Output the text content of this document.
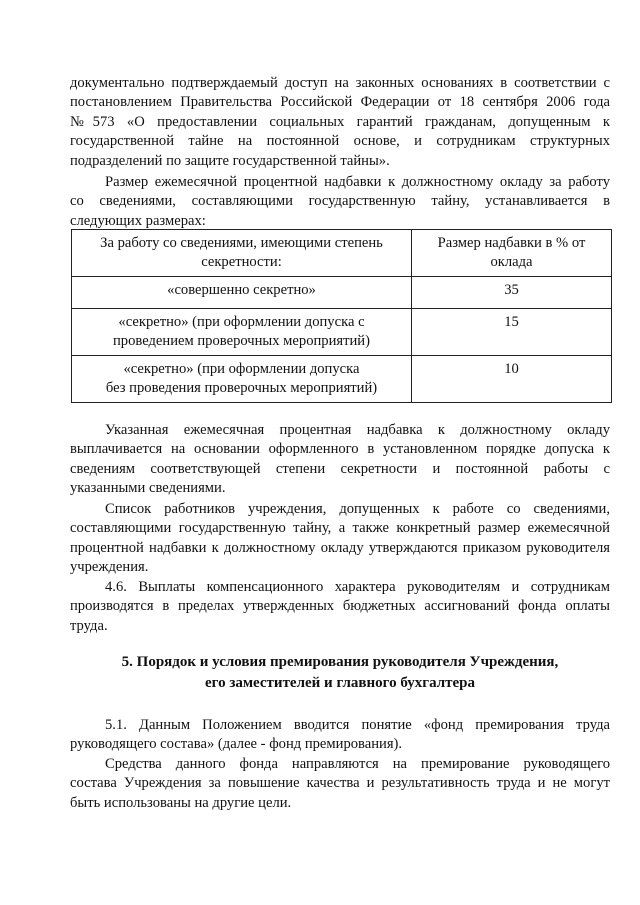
документально подтверждаемый доступ на законных основаниях в соответствии с
постановлением Правительства Российской Федерации от 18 сентября 2006 года
№573 «О предоставлении социальных гарантий гражданам, допущенным к
государственной тайне на постоянной основе, и сотрудникам структурных
подразделений по защите государственной тайны».
Размер ежемесячной процентной надбавки к должностному окладу за работу
со сведениями, составляющими государственную тайну, устанавливается в
следующих размерах:
За работу со сведениями, имеющими степень
секретности:	Размер надбавки в % от
оклада

«совершенно секретно»	35

«секретно» (при оформлении допуска с
проведением проверочных мероприятий)	15

«секретно» (при оформлении допуска
без проведения проверочных мероприятий)	10
Указанная ежемесячная процентная надбавка к должностному окладу
выплачивается на основании оформленного в установленном порядке допуска к
сведениям соответствующей степени секретности и постоянной работы с
указанными сведениями.
Список работников учреждения, допущенных к работе со сведениями,
составляющими государственную тайну, а также конкретный размер ежемесячной
процентной надбавки к должностному окладу утверждаются приказом руководителя
учреждения.
4.6. Выплаты компенсационного характера руководителям и сотрудникам
производятся в пределах утвержденных бюджетных ассигнований фонда оплаты
труда.
5. Порядок и условия премирования руководителя Учреждения,
его заместителей и главного бухгалтера
5.1. Данным Положением вводится понятие «фонд премирования труда
руководящего состава» (далее - фонд премирования).
Средства данного фонда направляются на премирование руководящего
состава Учреждения за повышение качества и результативность труда и не могут
быть использованы на другие цели.
